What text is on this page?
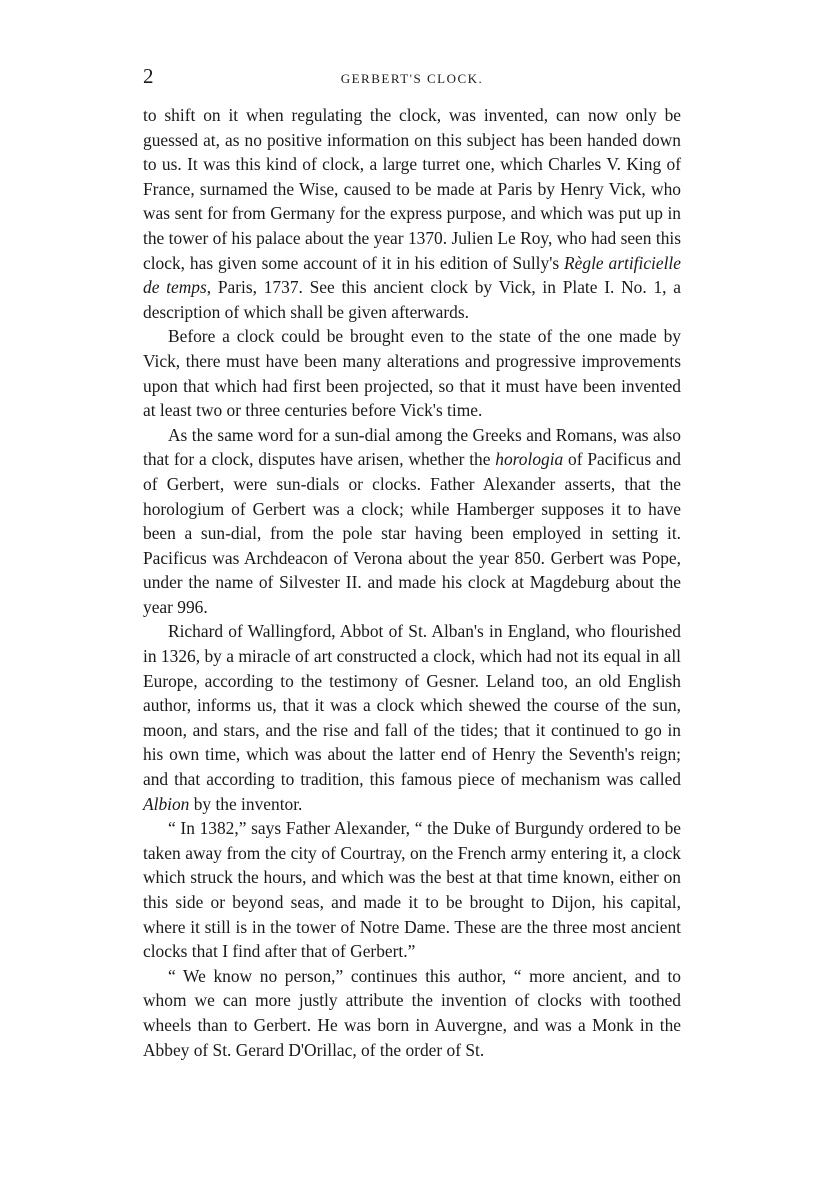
2	GERBERT'S CLOCK.

to shift on it when regulating the clock, was invented, can now only be guessed at, as no positive information on this subject has been handed down to us. It was this kind of clock, a large turret one, which Charles V. King of France, surnamed the Wise, caused to be made at Paris by Henry Vick, who was sent for from Germany for the express purpose, and which was put up in the tower of his palace about the year 1370. Julien Le Roy, who had seen this clock, has given some account of it in his edition of Sully's Règle artificielle de temps, Paris, 1737. See this ancient clock by Vick, in Plate I. No. 1, a description of which shall be given afterwards.

Before a clock could be brought even to the state of the one made by Vick, there must have been many alterations and progressive improvements upon that which had first been projected, so that it must have been invented at least two or three centuries before Vick's time.

As the same word for a sun-dial among the Greeks and Romans, was also that for a clock, disputes have arisen, whether the horologia of Pacificus and of Gerbert, were sun-dials or clocks. Father Alexander asserts, that the horologium of Gerbert was a clock; while Hamberger supposes it to have been a sun-dial, from the pole star having been employed in setting it. Pacificus was Archdeacon of Verona about the year 850. Gerbert was Pope, under the name of Silvester II. and made his clock at Magdeburg about the year 996.

Richard of Wallingford, Abbot of St. Alban's in England, who flourished in 1326, by a miracle of art constructed a clock, which had not its equal in all Europe, according to the testimony of Gesner. Leland too, an old English author, informs us, that it was a clock which shewed the course of the sun, moon, and stars, and the rise and fall of the tides; that it continued to go in his own time, which was about the latter end of Henry the Seventh's reign; and that according to tradition, this famous piece of mechanism was called Albion by the inventor.

“ In 1382,” says Father Alexander, “ the Duke of Burgundy ordered to be taken away from the city of Courtray, on the French army entering it, a clock which struck the hours, and which was the best at that time known, either on this side or beyond seas, and made it to be brought to Dijon, his capital, where it still is in the tower of Notre Dame. These are the three most ancient clocks that I find after that of Gerbert.”

“ We know no person,” continues this author, “ more ancient, and to whom we can more justly attribute the invention of clocks with toothed wheels than to Gerbert. He was born in Auvergne, and was a Monk in the Abbey of St. Gerard D'Orillac, of the order of St.
